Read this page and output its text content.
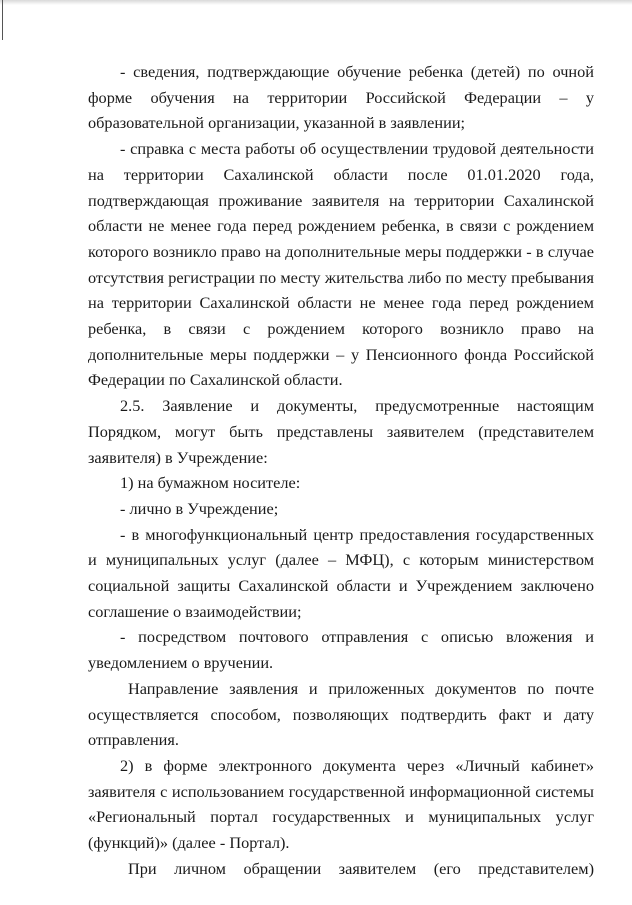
- сведения, подтверждающие обучение ребенка (детей) по очной форме обучения на территории Российской Федерации – у образовательной организации, указанной в заявлении;

- справка с места работы об осуществлении трудовой деятельности на территории Сахалинской области после 01.01.2020 года, подтверждающая проживание заявителя на территории Сахалинской области не менее года перед рождением ребенка, в связи с рождением которого возникло право на дополнительные меры поддержки - в случае отсутствия регистрации по месту жительства либо по месту пребывания на территории Сахалинской области не менее года перед рождением ребенка, в связи с рождением которого возникло право на дополнительные меры поддержки – у Пенсионного фонда Российской Федерации по Сахалинской области.

2.5. Заявление и документы, предусмотренные настоящим Порядком, могут быть представлены заявителем (представителем заявителя) в Учреждение:

1) на бумажном носителе:

- лично в Учреждение;

- в многофункциональный центр предоставления государственных и муниципальных услуг (далее – МФЦ), с которым министерством социальной защиты Сахалинской области и Учреждением заключено соглашение о взаимодействии;

- посредством почтового отправления с описью вложения и уведомлением о вручении.

Направление заявления и приложенных документов по почте осуществляется способом, позволяющих подтвердить факт и дату отправления.

2) в форме электронного документа через «Личный кабинет» заявителя с использованием государственной информационной системы «Региональный портал государственных и муниципальных услуг (функций)» (далее - Портал).

При личном обращении заявителем (его представителем)
